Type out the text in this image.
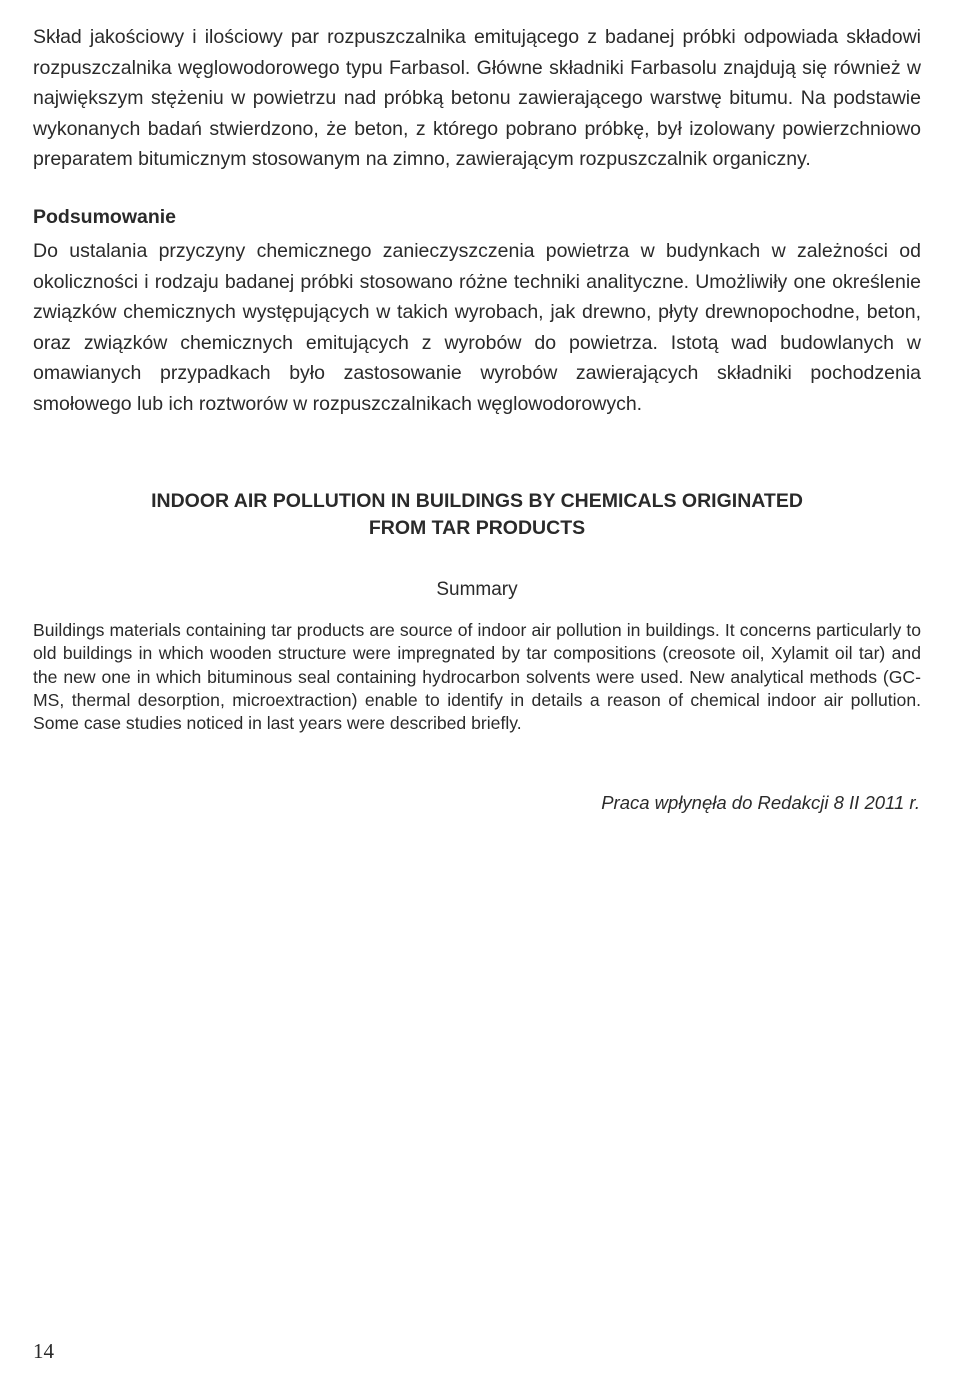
Skład jakościowy i ilościowy par rozpuszczalnika emitującego z badanej próbki odpowiada składowi rozpuszczalnika węglowodorowego typu Farbasol. Główne składniki Farbasolu znajdują się również w największym stężeniu w powietrzu nad próbką betonu zawierającego warstwę bitumu. Na podstawie wykonanych badań stwierdzono, że beton, z którego pobrano próbkę, był izolowany powierzchniowo preparatem bitumicznym stosowanym na zimno, zawierającym rozpuszczalnik organiczny.

Podsumowanie

Do ustalania przyczyny chemicznego zanieczyszczenia powietrza w budynkach w zależności od okoliczności i rodzaju badanej próbki stosowano różne techniki analityczne. Umożliwiły one określenie związków chemicznych występujących w takich wyrobach, jak drewno, płyty drewnopochodne, beton, oraz związków chemicznych emitujących z wyrobów do powietrza. Istotą wad budowlanych w omawianych przypadkach było zastosowanie wyrobów zawierających składniki pochodzenia smołowego lub ich roztworów w rozpuszczalnikach węglowodorowych.

INDOOR AIR POLLUTION IN BUILDINGS BY CHEMICALS ORIGINATED
FROM TAR PRODUCTS

Summary

Buildings materials containing tar products are source of indoor air pollution in buildings. It concerns particularly to old buildings in which wooden structure were impregnated by tar compositions (creosote oil, Xylamit oil tar) and the new one in which bituminous seal containing hydrocarbon solvents were used. New analytical methods (GC-MS, thermal desorption, microextraction) enable to identify in details a reason of chemical indoor air pollution. Some case studies noticed in last years were described briefly.

Praca wpłynęła do Redakcji 8 II 2011 r.

14
